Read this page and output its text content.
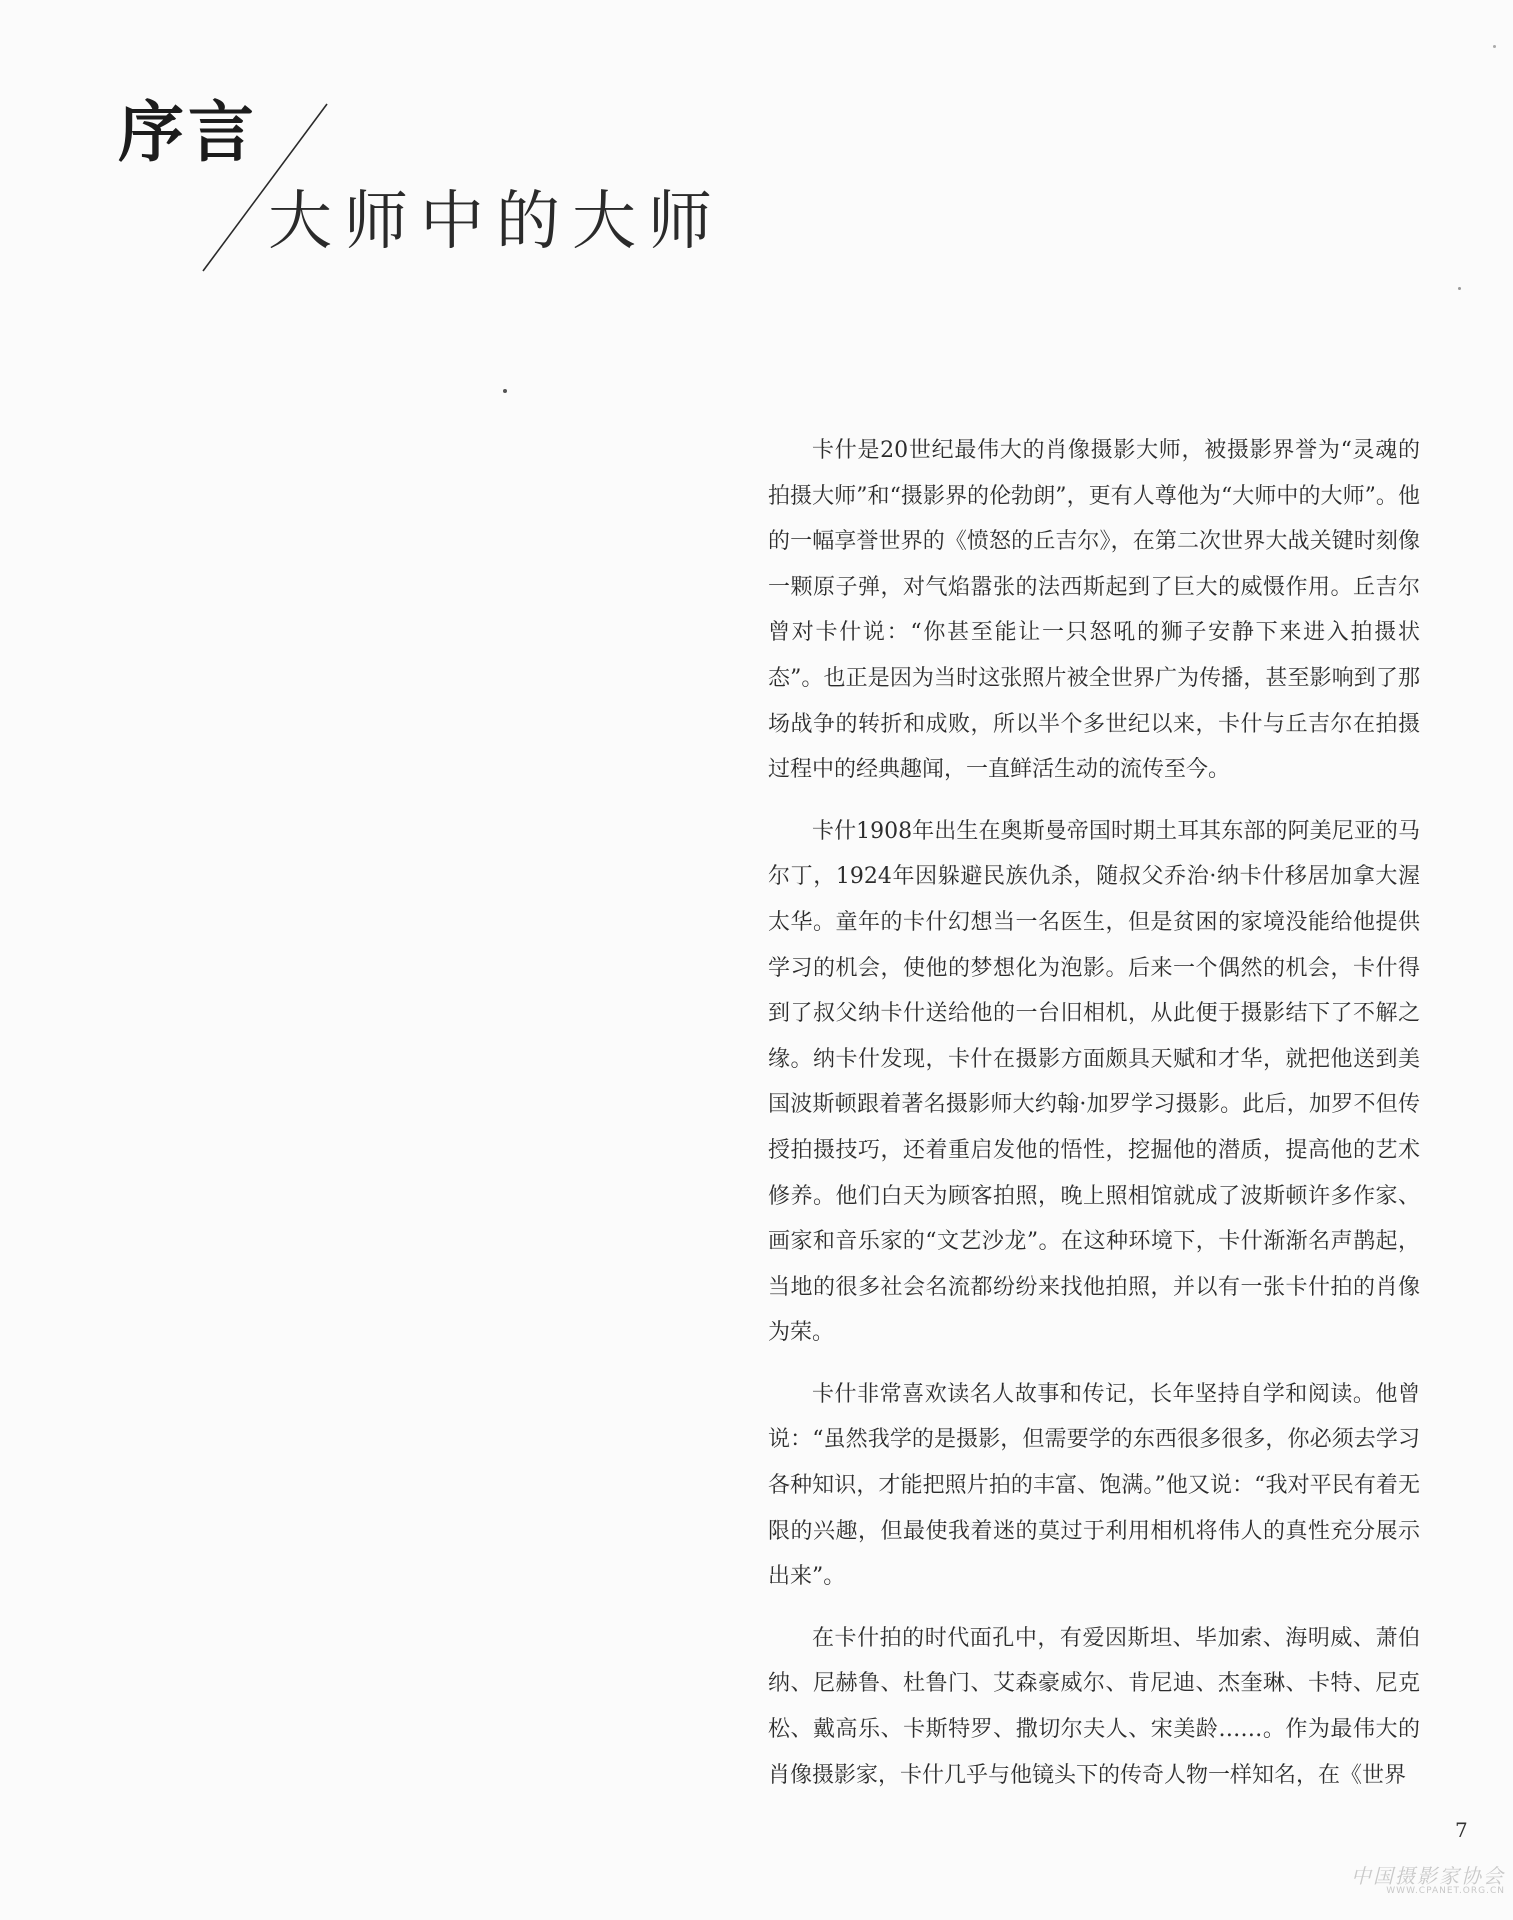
序言
大师中的大师

卡什是20世纪最伟大的肖像摄影大师，被摄影界誉为“灵魂的拍摄大师”和“摄影界的伦勃朗”，更有人尊他为“大师中的大师”。他的一幅享誉世界的《愤怒的丘吉尔》，在第二次世界大战关键时刻像一颗原子弹，对气焰嚣张的法西斯起到了巨大的威慑作用。丘吉尔曾对卡什说：“你甚至能让一只怒吼的狮子安静下来进入拍摄状态”。也正是因为当时这张照片被全世界广为传播，甚至影响到了那场战争的转折和成败，所以半个多世纪以来，卡什与丘吉尔在拍摄过程中的经典趣闻，一直鲜活生动的流传至今。

卡什1908年出生在奥斯曼帝国时期土耳其东部的阿美尼亚的马尔丁，1924年因躲避民族仇杀，随叔父乔治·纳卡什移居加拿大渥太华。童年的卡什幻想当一名医生，但是贫困的家境没能给他提供学习的机会，使他的梦想化为泡影。后来一个偶然的机会，卡什得到了叔父纳卡什送给他的一台旧相机，从此便于摄影结下了不解之缘。纳卡什发现，卡什在摄影方面颇具天赋和才华，就把他送到美国波斯顿跟着著名摄影师大约翰·加罗学习摄影。此后，加罗不但传授拍摄技巧，还着重启发他的悟性，挖掘他的潜质，提高他的艺术修养。他们白天为顾客拍照，晚上照相馆就成了波斯顿许多作家、画家和音乐家的“文艺沙龙”。在这种环境下，卡什渐渐名声鹊起，当地的很多社会名流都纷纷来找他拍照，并以有一张卡什拍的肖像为荣。

卡什非常喜欢读名人故事和传记，长年坚持自学和阅读。他曾说：“虽然我学的是摄影，但需要学的东西很多很多，你必须去学习各种知识，才能把照片拍的丰富、饱满。”他又说：“我对平民有着无限的兴趣，但最使我着迷的莫过于利用相机将伟人的真性充分展示出来”。

在卡什拍的时代面孔中，有爱因斯坦、毕加索、海明威、萧伯纳、尼赫鲁、杜鲁门、艾森豪威尔、肯尼迪、杰奎琳、卡特、尼克松、戴高乐、卡斯特罗、撒切尔夫人、宋美龄……。作为最伟大的肖像摄影家，卡什几乎与他镜头下的传奇人物一样知名，在《世界

7
中国摄影家协会
WWW.CPANET.ORG.CN
